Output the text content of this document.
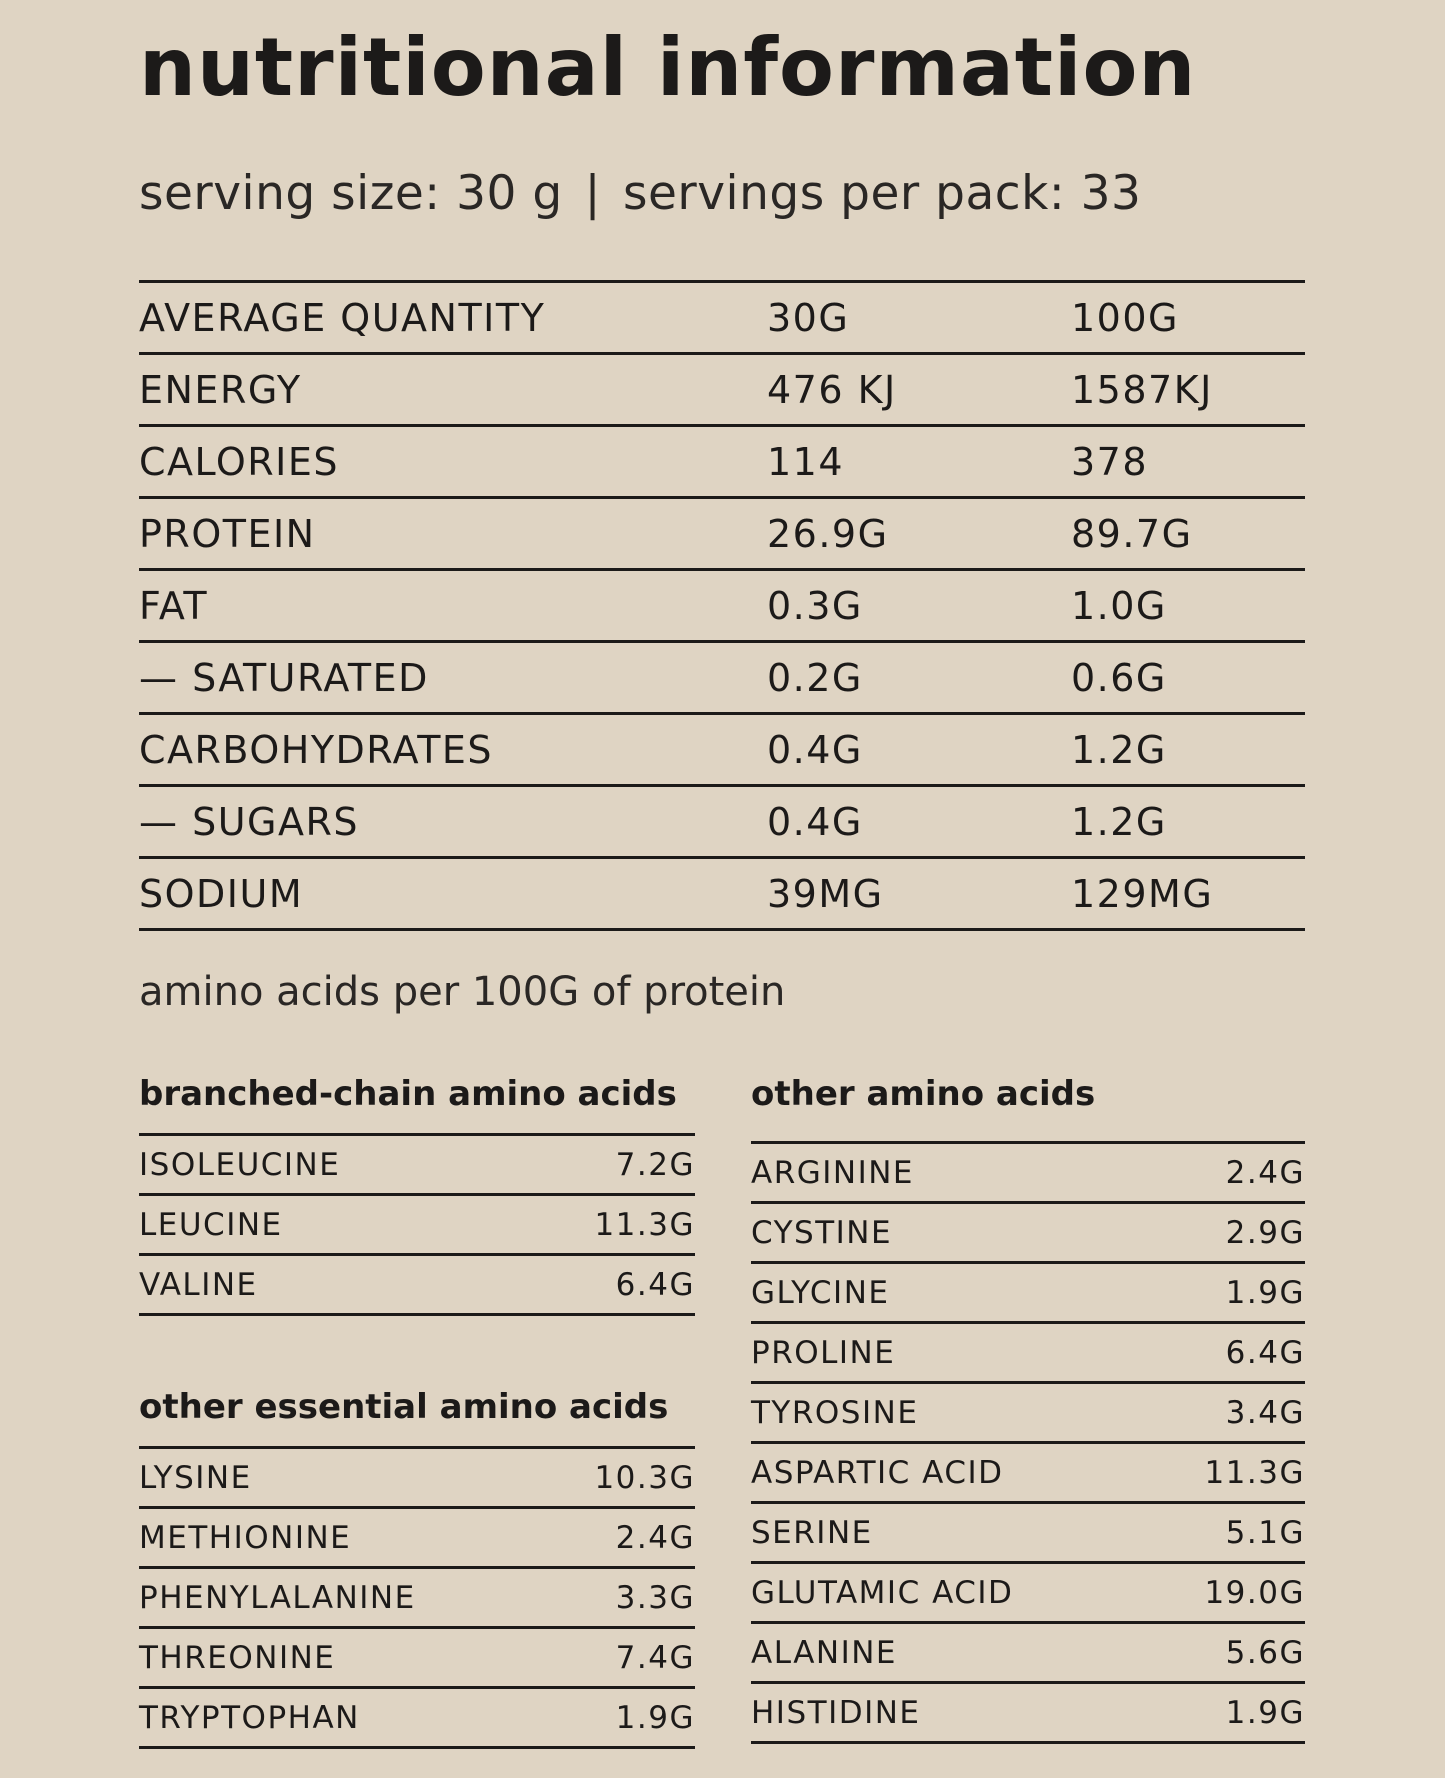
nutritional information
serving size: 30 g | servings per pack: 33
AVERAGE QUANTITY	30G	100G
ENERGY	476 KJ	1587KJ
CALORIES	114	378
PROTEIN	26.9G	89.7G
FAT	0.3G	1.0G
— SATURATED	0.2G	0.6G
CARBOHYDRATES	0.4G	1.2G
— SUGARS	0.4G	1.2G
SODIUM	39MG	129MG
amino acids per 100G of protein
branched-chain amino acids
ISOLEUCINE	7.2G
LEUCINE	11.3G
VALINE	6.4G
other essential amino acids
LYSINE	10.3G
METHIONINE	2.4G
PHENYLALANINE	3.3G
THREONINE	7.4G
TRYPTOPHAN	1.9G
other amino acids
ARGININE	2.4G
CYSTINE	2.9G
GLYCINE	1.9G
PROLINE	6.4G
TYROSINE	3.4G
ASPARTIC ACID	11.3G
SERINE	5.1G
GLUTAMIC ACID	19.0G
ALANINE	5.6G
HISTIDINE	1.9G
